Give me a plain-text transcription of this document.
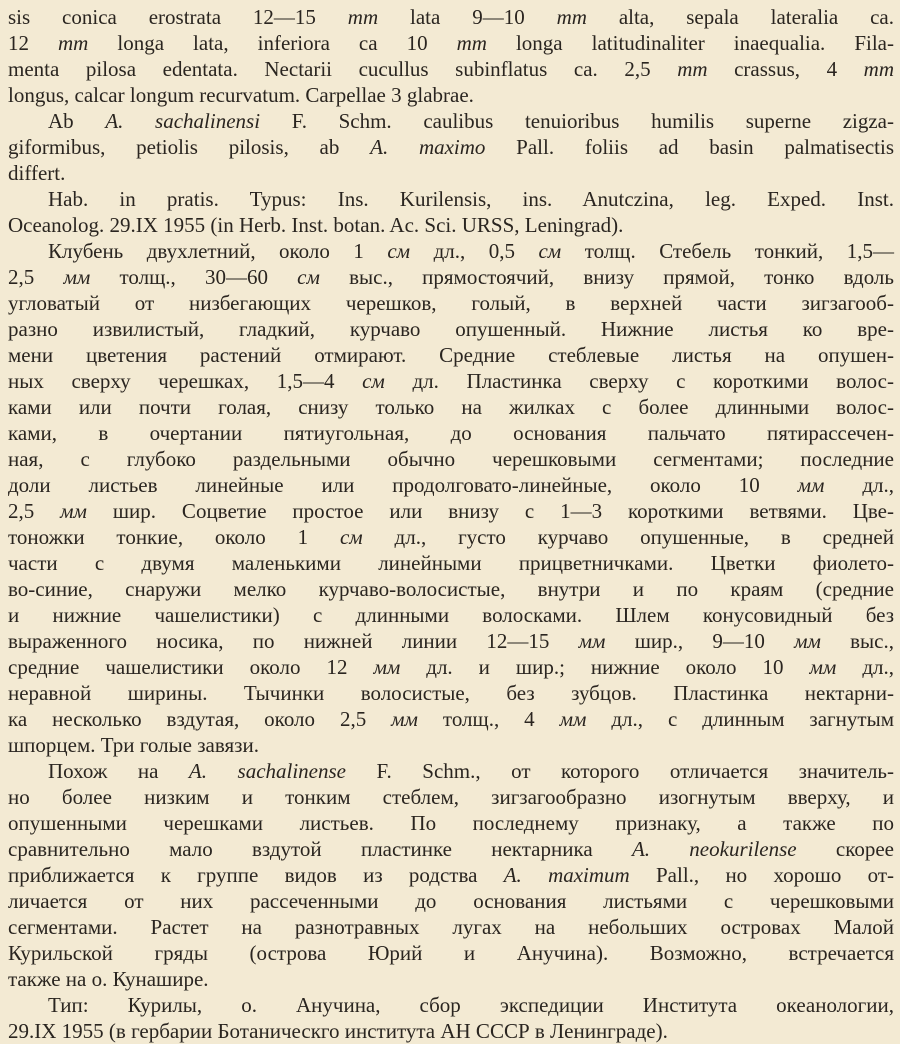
sis conica erostrata 12—15 mm lata 9—10 mm alta, sepala lateralia ca.
12 mm longa lata, inferiora ca 10 mm longa latitudinaliter inaequalia. Fila-
menta pilosa edentata. Nectarii cucullus subinflatus ca. 2,5 mm crassus, 4 mm
longus, calcar longum recurvatum. Carpellae 3 glabrae.
Ab A. sachalinensi F. Schm. caulibus tenuioribus humilis superne zigza-
giformibus, petiolis pilosis, ab A. maximo Pall. foliis ad basin palmatisectis
differt.
Hab. in pratis. Typus: Ins. Kurilensis, ins. Anutczina, leg. Exped. Inst.
Oceanolog. 29.IX 1955 (in Herb. Inst. botan. Ac. Sci. URSS, Leningrad).
Клубень двухлетний, около 1 см дл., 0,5 см толщ. Стебель тонкий, 1,5—
2,5 мм толщ., 30—60 см выс., прямостоячий, внизу прямой, тонко вдоль
угловатый от низбегающих черешков, голый, в верхней части зигзагооб-
разно извилистый, гладкий, курчаво опушенный. Нижние листья ко вре-
мени цветения растений отмирают. Средние стеблевые листья на опушен-
ных сверху черешках, 1,5—4 см дл. Пластинка сверху с короткими волос-
ками или почти голая, снизу только на жилках с более длинными волос-
ками, в очертании пятиугольная, до основания пальчато пятирассечен-
ная, с глубоко раздельными обычно черешковыми сегментами; последние
доли листьев линейные или продолговато-линейные, около 10 мм дл.,
2,5 мм шир. Соцветие простое или внизу с 1—3 короткими ветвями. Цве-
тоножки тонкие, около 1 см дл., густо курчаво опушенные, в средней
части с двумя маленькими линейными прицветничками. Цветки фиолето-
во-синие, снаружи мелко курчаво-волосистые, внутри и по краям (средние
и нижние чашелистики) с длинными волосками. Шлем конусовидный без
выраженного носика, по нижней линии 12—15 мм шир., 9—10 мм выс.,
средние чашелистики около 12 мм дл. и шир.; нижние около 10 мм дл.,
неравной ширины. Тычинки волосистые, без зубцов. Пластинка нектарни-
ка несколько вздутая, около 2,5 мм толщ., 4 мм дл., с длинным загнутым
шпорцем. Три голые завязи.
Похож на A. sachalinense F. Schm., от которого отличается значитель-
но более низким и тонким стеблем, зигзагообразно изогнутым вверху, и
опушенными черешками листьев. По последнему признаку, а также по
сравнительно мало вздутой пластинке нектарника A. neokurilense скорее
приближается к группе видов из родства A. maximum Pall., но хорошо от-
личается от них рассеченными до основания листьями с черешковыми
сегментами. Растет на разнотравных лугах на небольших островах Малой
Курильской гряды (острова Юрий и Анучина). Возможно, встречается
также на о. Кунашире.
Тип: Курилы, о. Анучина, сбор экспедиции Института океанологии,
29.IX 1955 (в гербарии Ботаническго института АН СССР в Ленинграде).
